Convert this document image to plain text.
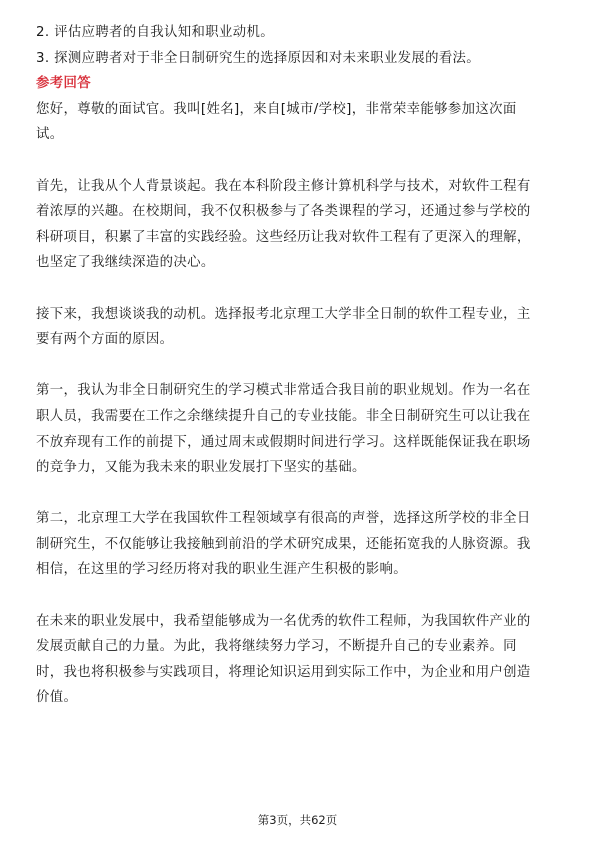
2. 评估应聘者的自我认知和职业动机。
3. 探测应聘者对于非全日制研究生的选择原因和对未来职业发展的看法。
参考回答
您好，尊敬的面试官。我叫[姓名]，来自[城市/学校]，非常荣幸能够参加这次面
试。
首先，让我从个人背景谈起。我在本科阶段主修计算机科学与技术，对软件工程有
着浓厚的兴趣。在校期间，我不仅积极参与了各类课程的学习，还通过参与学校的
科研项目，积累了丰富的实践经验。这些经历让我对软件工程有了更深入的理解，
也坚定了我继续深造的决心。
接下来，我想谈谈我的动机。选择报考北京理工大学非全日制的软件工程专业，主
要有两个方面的原因。
第一，我认为非全日制研究生的学习模式非常适合我目前的职业规划。作为一名在
职人员，我需要在工作之余继续提升自己的专业技能。非全日制研究生可以让我在
不放弃现有工作的前提下，通过周末或假期时间进行学习。这样既能保证我在职场
的竞争力，又能为我未来的职业发展打下坚实的基础。
第二，北京理工大学在我国软件工程领域享有很高的声誉，选择这所学校的非全日
制研究生，不仅能够让我接触到前沿的学术研究成果，还能拓宽我的人脉资源。我
相信，在这里的学习经历将对我的职业生涯产生积极的影响。
在未来的职业发展中，我希望能够成为一名优秀的软件工程师，为我国软件产业的
发展贡献自己的力量。为此，我将继续努力学习，不断提升自己的专业素养。同
时，我也将积极参与实践项目，将理论知识运用到实际工作中，为企业和用户创造
价值。
第3页，共62页
